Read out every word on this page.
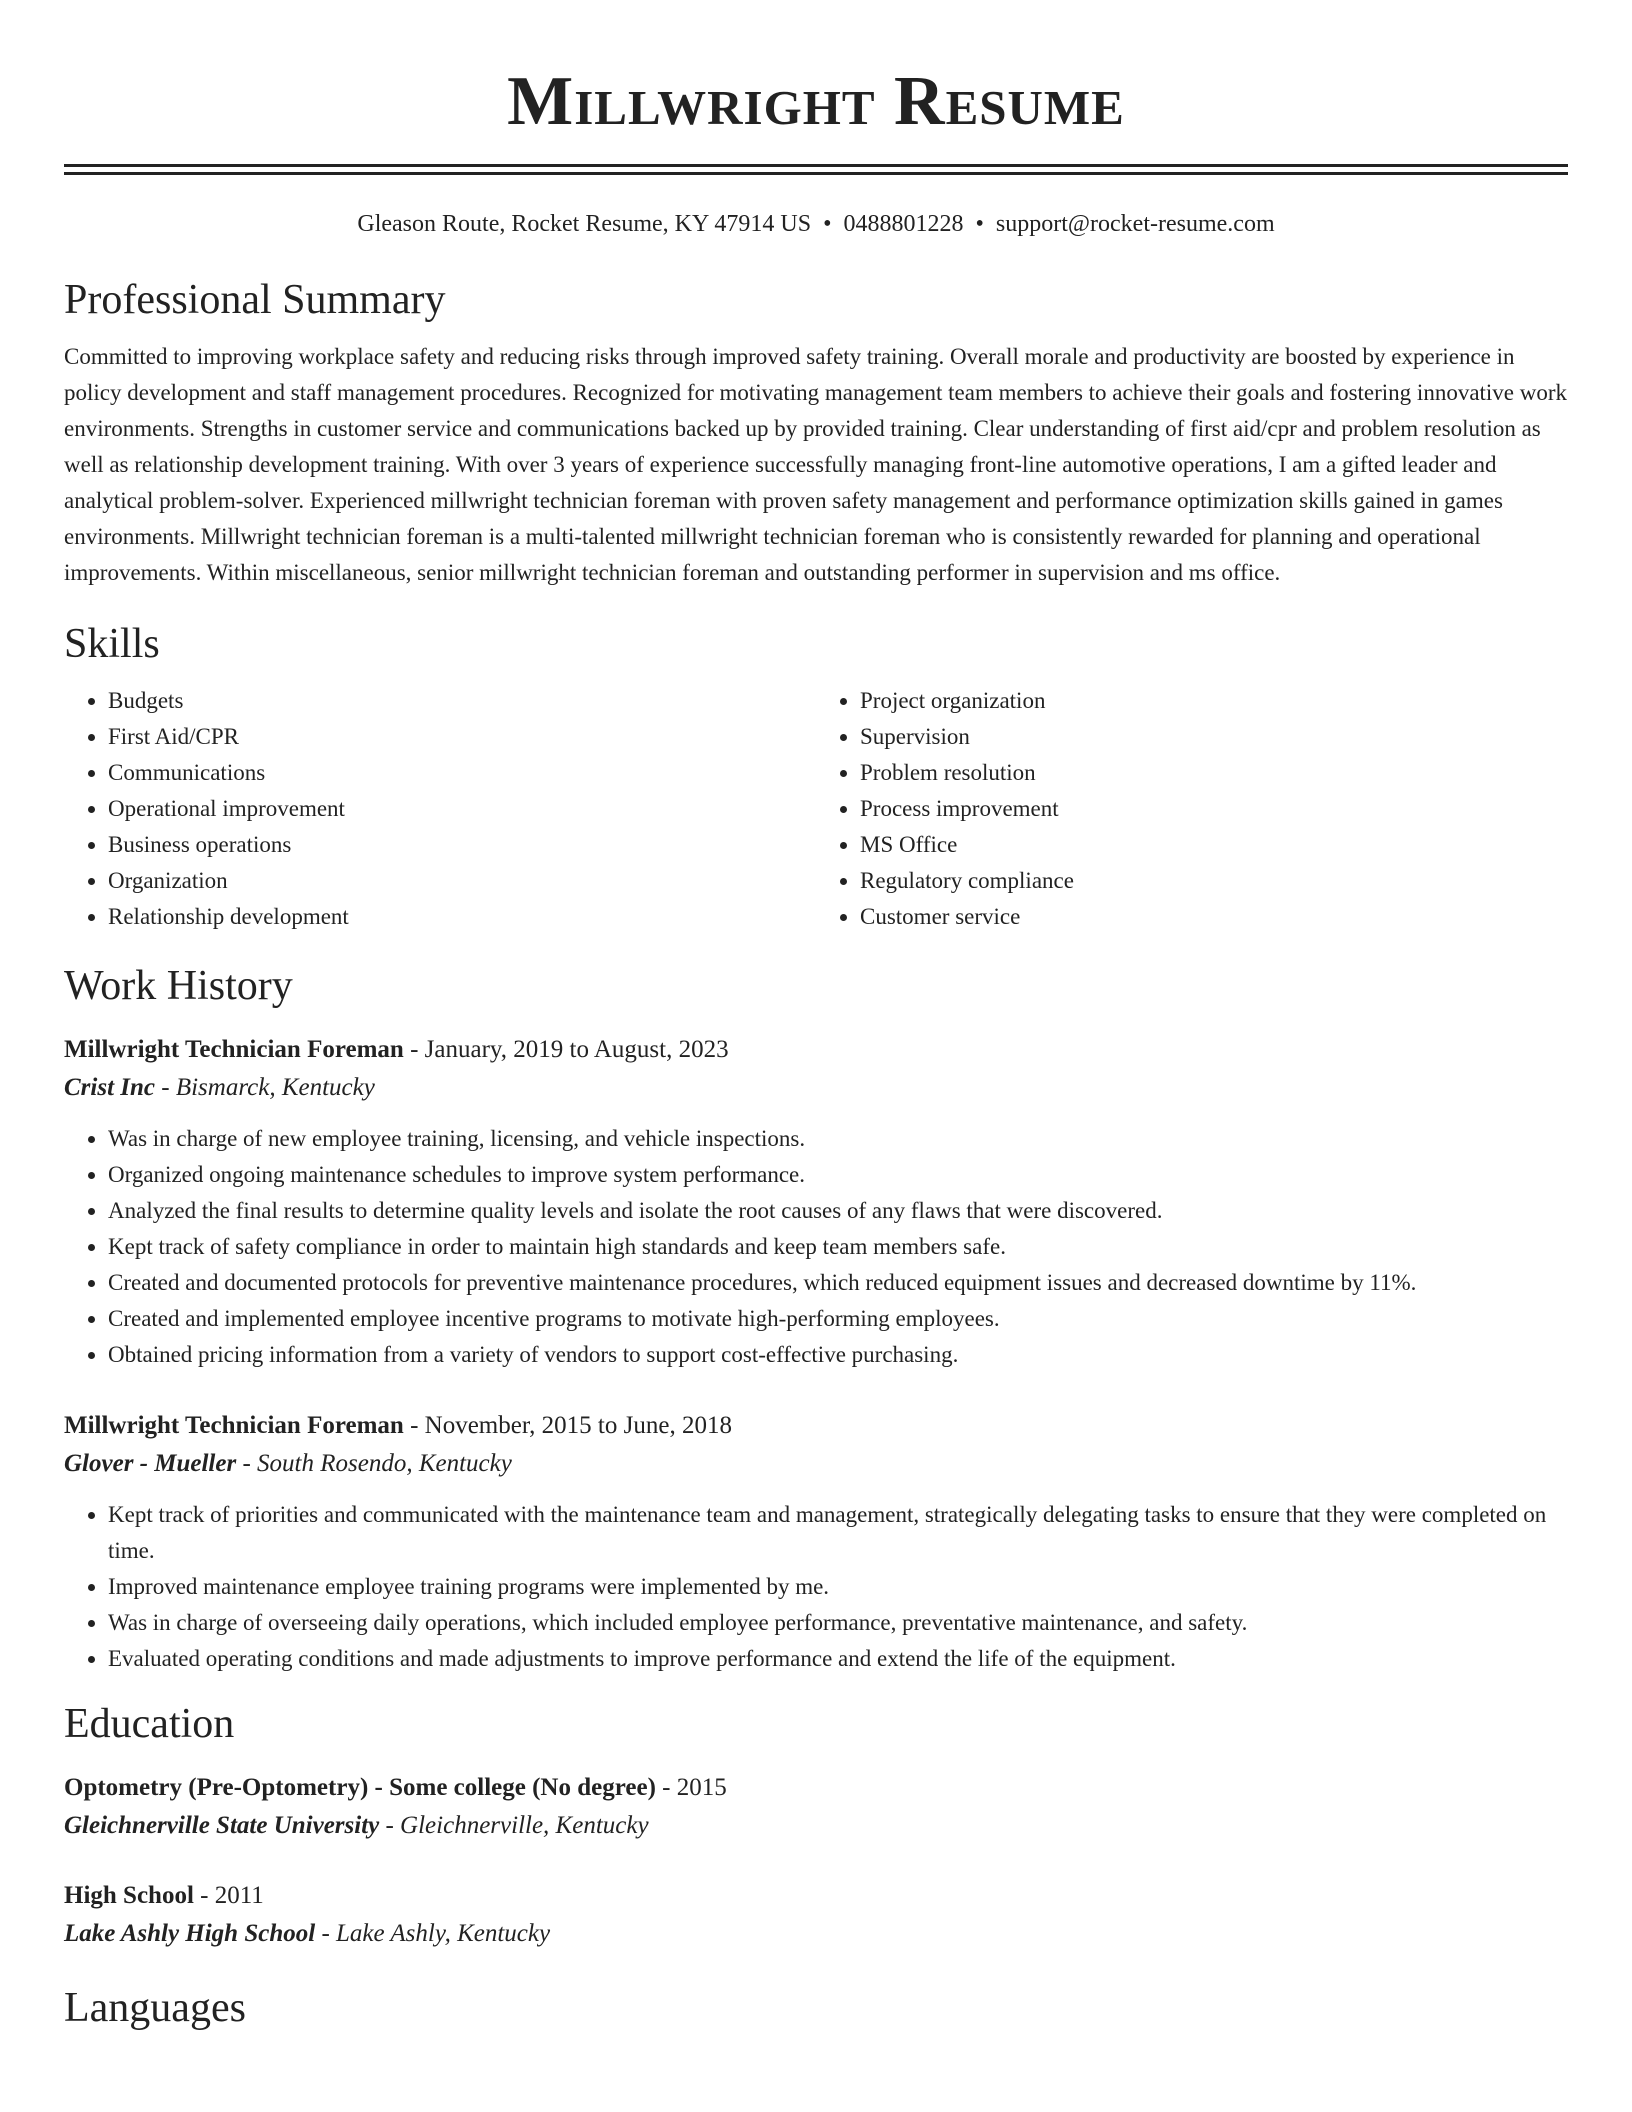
Millwright Resume
Gleason Route, Rocket Resume, KY 47914 US • 0488801228 • support@rocket-resume.com
Professional Summary

Committed to improving workplace safety and reducing risks through improved safety training. Overall morale and productivity are boosted by experience in policy development and staff management procedures. Recognized for motivating management team members to achieve their goals and fostering innovative work environments. Strengths in customer service and communications backed up by provided training. Clear understanding of first aid/cpr and problem resolution as well as relationship development training. With over 3 years of experience successfully managing front-line automotive operations, I am a gifted leader and analytical problem-solver. Experienced millwright technician foreman with proven safety management and performance optimization skills gained in games environments. Millwright technician foreman is a multi-talented millwright technician foreman who is consistently rewarded for planning and operational improvements. Within miscellaneous, senior millwright technician foreman and outstanding performer in supervision and ms office.

Skills
• Budgets
• First Aid/CPR
• Communications
• Operational improvement
• Business operations
• Organization
• Relationship development
• Project organization
• Supervision
• Problem resolution
• Process improvement
• MS Office
• Regulatory compliance
• Customer service
Work History

Millwright Technician Foreman - January, 2019 to August, 2023

Crist Inc - Bismarck, Kentucky

• Was in charge of new employee training, licensing, and vehicle inspections.
• Organized ongoing maintenance schedules to improve system performance.
• Analyzed the final results to determine quality levels and isolate the root causes of any flaws that were discovered.
• Kept track of safety compliance in order to maintain high standards and keep team members safe.
• Created and documented protocols for preventive maintenance procedures, which reduced equipment issues and decreased downtime by 11%.
• Created and implemented employee incentive programs to motivate high-performing employees.
• Obtained pricing information from a variety of vendors to support cost-effective purchasing.

Millwright Technician Foreman - November, 2015 to June, 2018

Glover - Mueller - South Rosendo, Kentucky

• Kept track of priorities and communicated with the maintenance team and management, strategically delegating tasks to ensure that they were completed on time.
• Improved maintenance employee training programs were implemented by me.
• Was in charge of overseeing daily operations, which included employee performance, preventative maintenance, and safety.
• Evaluated operating conditions and made adjustments to improve performance and extend the life of the equipment.
Education

Optometry (Pre-Optometry) - Some college (No degree) - 2015

Gleichnerville State University - Gleichnerville, Kentucky

High School - 2011

Lake Ashly High School - Lake Ashly, Kentucky

Languages
